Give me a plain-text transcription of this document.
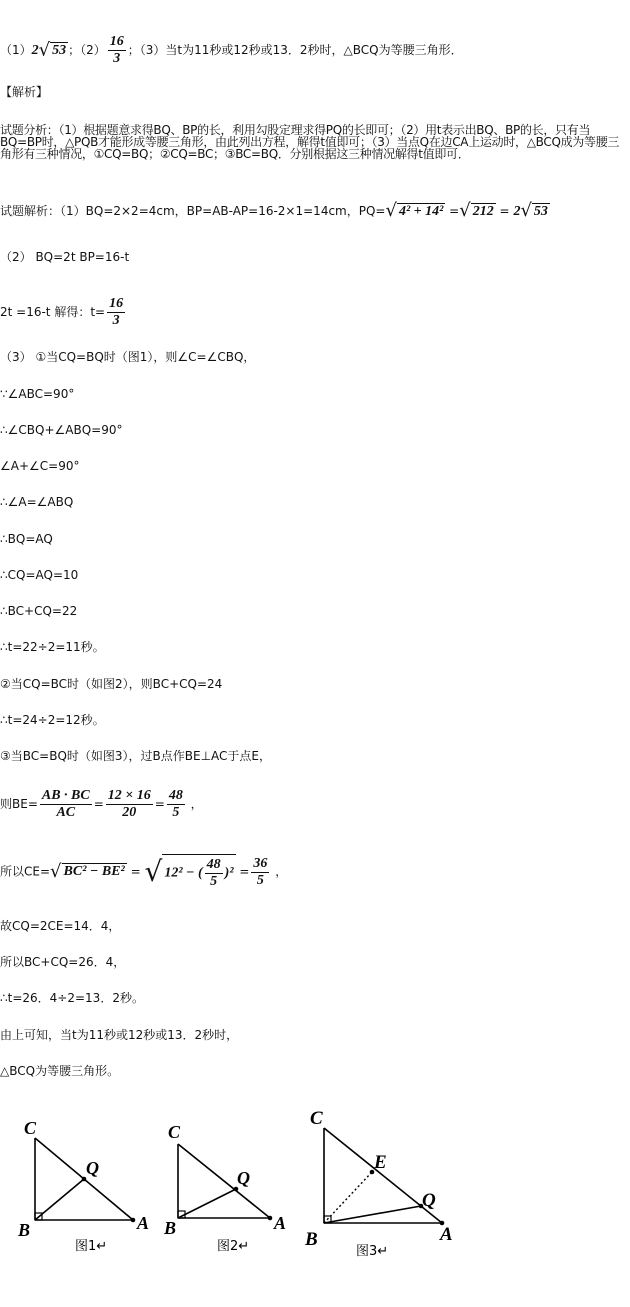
（1）2√ 53 ；$(2) \frac{16}{3}$ ；（3）当t为11秒或12秒或13．2秒时，△BCQ为等腰三角形．
【解析】
试题分析：（1）根据题意求得BQ、BP的长，利用勾股定理求得PQ的长即可；（2）用t表示出BQ、BP的长，只有当BQ=BP时，△PQB才能形成等腰三角形，由此列出方程，解得t值即可；（3）当点Q在边CA上运动时，△BCQ成为等腰三角形有三种情况，①CQ=BQ；②CQ=BC；③BC=BQ．分别根据这三种情况解得t值即可．
试题解析：（1）BQ=2×2=4cm，BP=AB-AP=16-2×1=14cm，PQ=√ 4² + 14² =√ 212 = 2√ 53
（2） BQ=2t BP=16-t
2t =16-t 解得：$t= \frac{16}{3}$
（3） ①当CQ=BQ时（图1），则∠C=∠CBQ，
∵∠ABC=90°
∴∠CBQ+∠ABQ=90°
∠A+∠C=90°
∴∠A=∠ABQ
∴BQ=AQ
∴CQ=AQ=10
∴BC+CQ=22
∴t=22÷2=11秒。
②当CQ=BC时（如图2），则BC+CQ=24
∴t=24÷2=12秒。
③当BC=BQ时（如图3），过B点作BE⊥AC于点E，
则$BE= \frac{AB \cdot BC}{AC} = \frac{12 \times 16}{20} = \frac{48}{5}$ ，
所以CE=√ BC² − BE² = √ 12² − ( $\frac{48}{5} )^2 = \frac{36}{5}$ ，
故CQ=2CE=14．4，
所以BC+CQ=26．4，
∴t=26．4÷2=13．2秒。
由上可知，当t为11秒或12秒或13．2秒时，
△BCQ为等腰三角形。
C
Q
B	A
图1↵
C
Q
B	A
图2↵
C
E
Q
B	A
图3↵
